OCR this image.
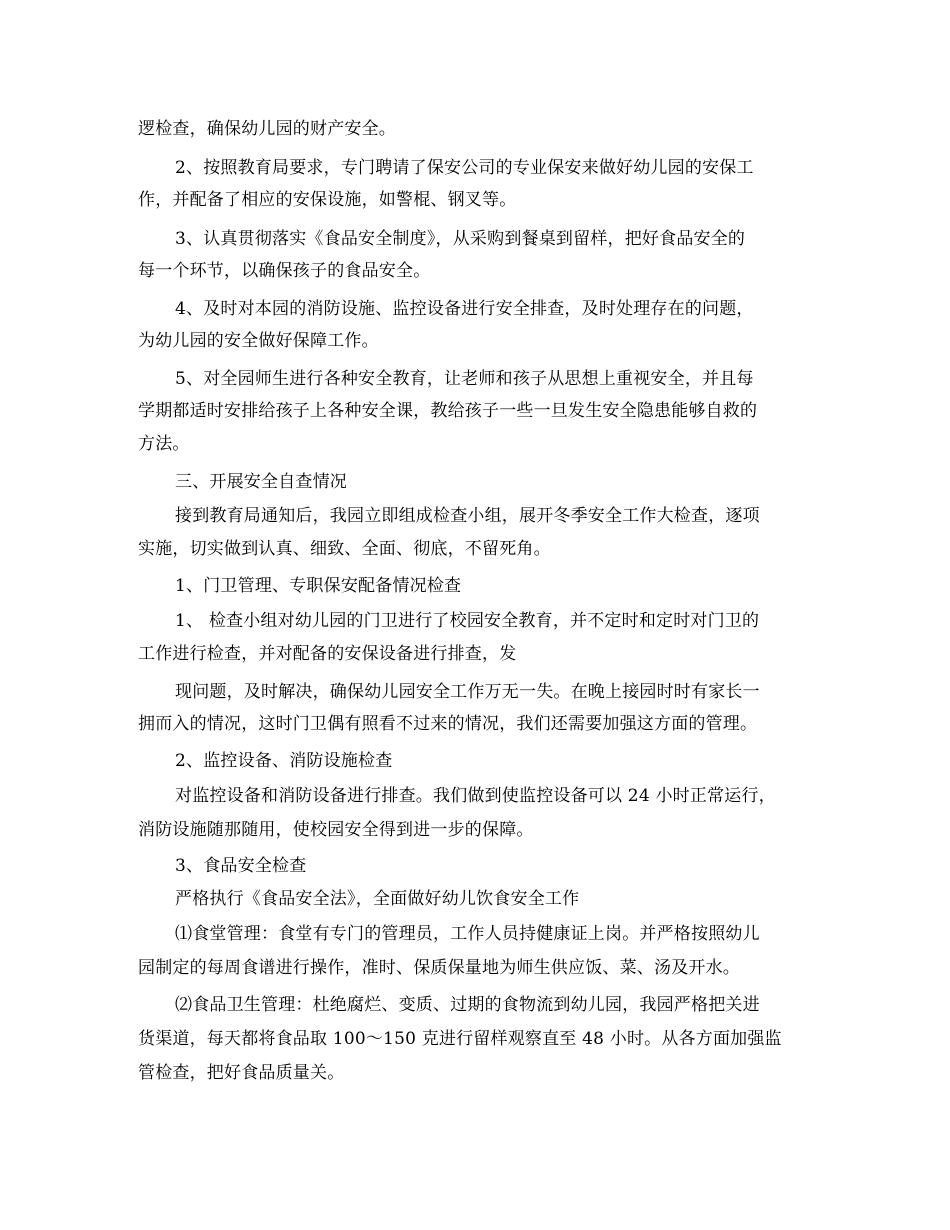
逻检查，确保幼儿园的财产安全。
2、按照教育局要求，专门聘请了保安公司的专业保安来做好幼儿园的安保工
作，并配备了相应的安保设施，如警棍、钢叉等。
3、认真贯彻落实《食品安全制度》，从采购到餐桌到留样，把好食品安全的
每一个环节，以确保孩子的食品安全。
4、及时对本园的消防设施、监控设备进行安全排查，及时处理存在的问题，
为幼儿园的安全做好保障工作。
5、对全园师生进行各种安全教育，让老师和孩子从思想上重视安全，并且每
学期都适时安排给孩子上各种安全课，教给孩子一些一旦发生安全隐患能够自救的
方法。
三、开展安全自查情况
接到教育局通知后，我园立即组成检查小组，展开冬季安全工作大检查，逐项
实施，切实做到认真、细致、全面、彻底，不留死角。
1、门卫管理、专职保安配备情况检查
1、 检查小组对幼儿园的门卫进行了校园安全教育，并不定时和定时对门卫的
工作进行检查，并对配备的安保设备进行排查，发
现问题，及时解决，确保幼儿园安全工作万无一失。在晚上接园时时有家长一
拥而入的情况，这时门卫偶有照看不过来的情况，我们还需要加强这方面的管理。
2、监控设备、消防设施检查
对监控设备和消防设备进行排查。我们做到使监控设备可以 24 小时正常运行，
消防设施随那随用，使校园安全得到进一步的保障。
3、食品安全检查
严格执行《食品安全法》，全面做好幼儿饮食安全工作
⑴食堂管理：食堂有专门的管理员，工作人员持健康证上岗。并严格按照幼儿
园制定的每周食谱进行操作，准时、保质保量地为师生供应饭、菜、汤及开水。
⑵食品卫生管理：杜绝腐烂、变质、过期的食物流到幼儿园，我园严格把关进
货渠道，每天都将食品取 100～150 克进行留样观察直至 48 小时。从各方面加强监
管检查，把好食品质量关。
